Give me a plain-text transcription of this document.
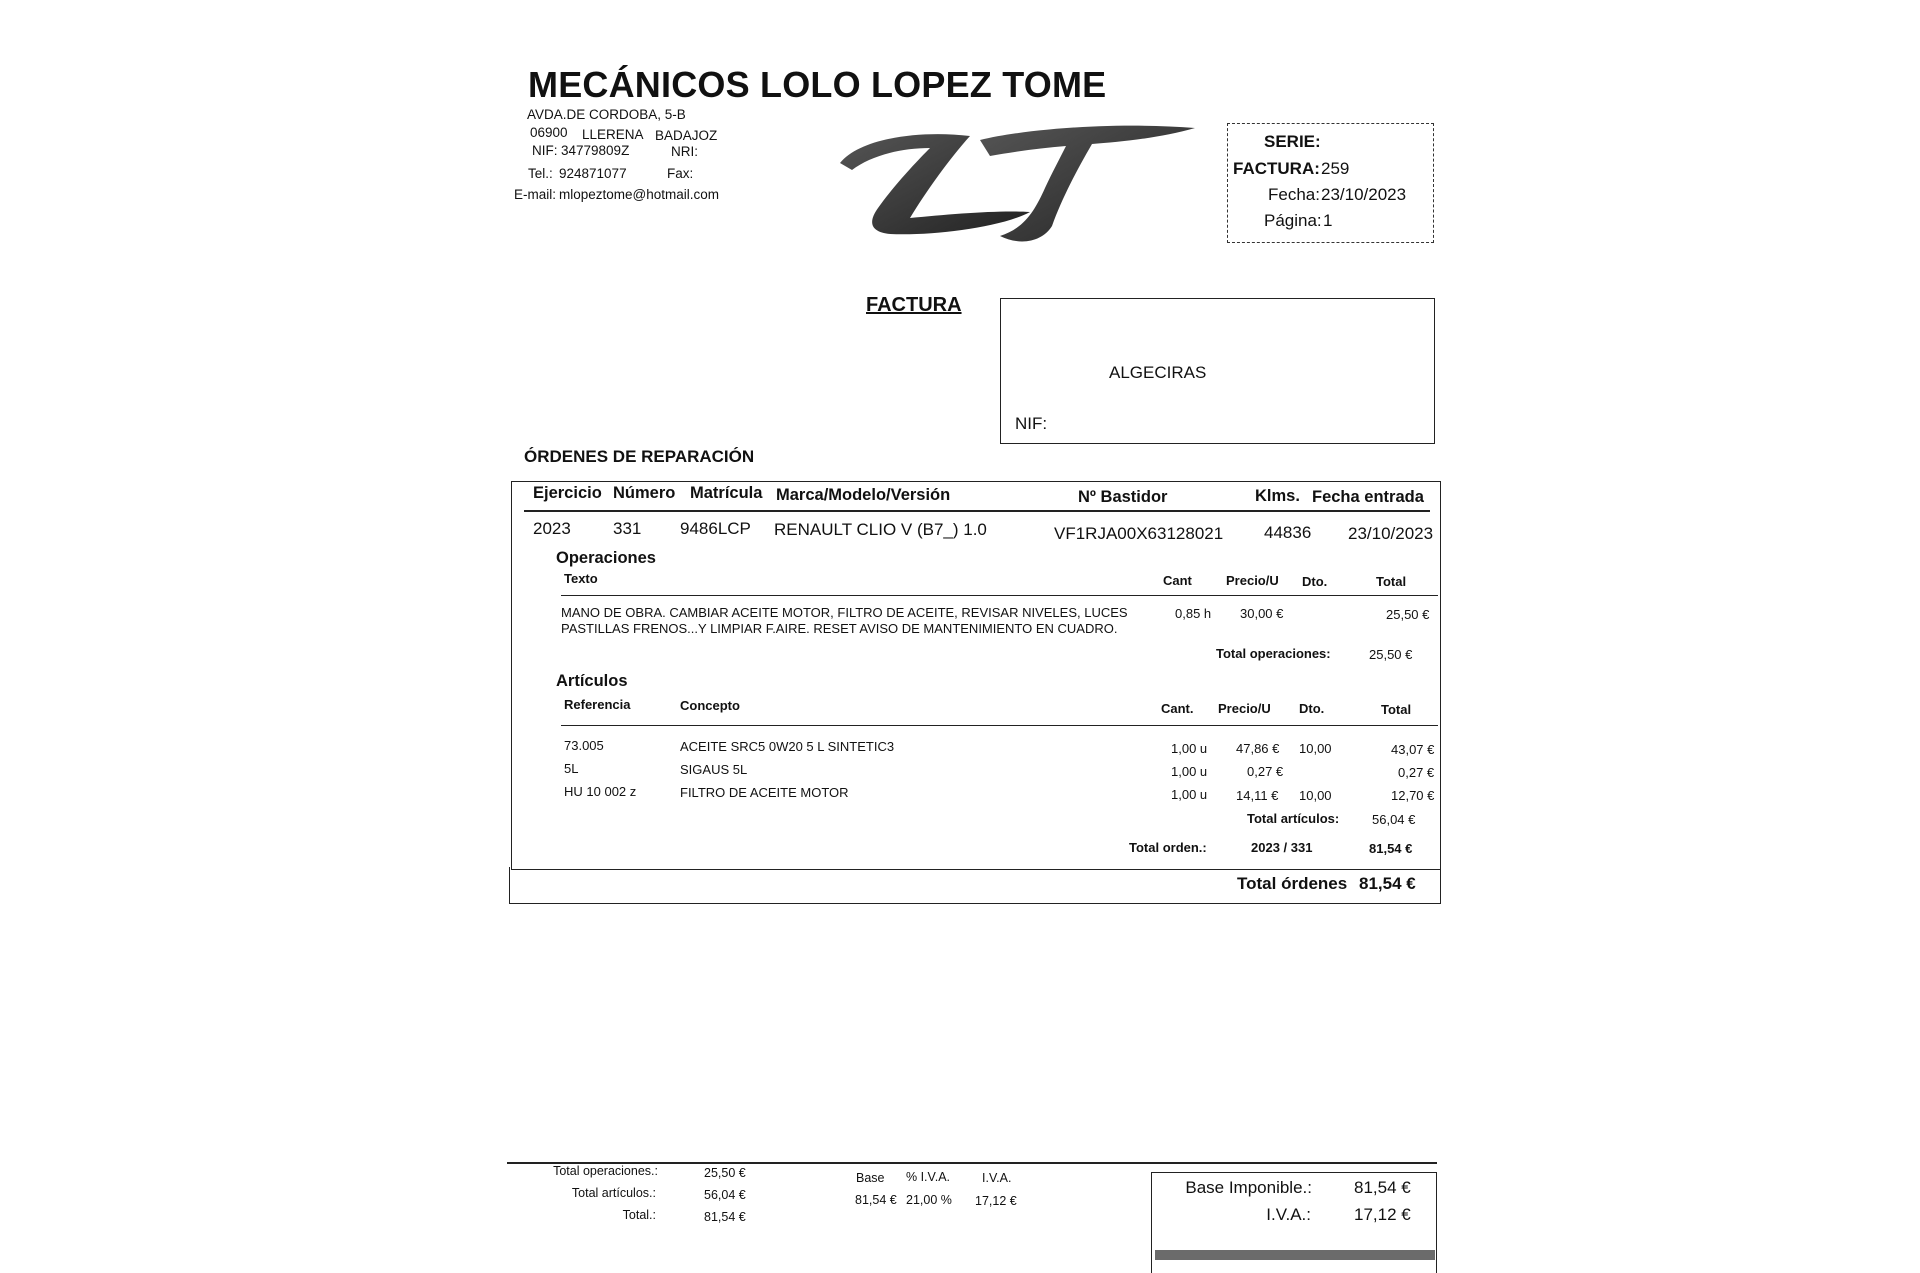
MECÁNICOS LOLO LOPEZ TOME
AVDA.DE CORDOBA, 5-B
06900 LLERENA BADAJOZ
NIF: 34779809Z	NRI:
Tel.: 924871077	Fax:
E-mail: mlopeztome@hotmail.com
SERIE:
FACTURA: 259
Fecha: 23/10/2023
Página: 1
FACTURA
ALGECIRAS
NIF:
ÓRDENES DE REPARACIÓN
Ejercicio Número Matrícula Marca/Modelo/Versión	Nº Bastidor	Klms. Fecha entrada
2023 331 9486LCP RENAULT CLIO V (B7_) 1.0	VF1RJA00X63128021 44836 23/10/2023
Operaciones
Texto	Cant	Precio/U Dto.	Total
MANO DE OBRA. CAMBIAR ACEITE MOTOR, FILTRO DE ACEITE, REVISAR NIVELES, LUCES
PASTILLAS FRENOS...Y LIMPIAR F.AIRE. RESET AVISO DE MANTENIMIENTO EN CUADRO.
0,85 h 30,00 €	25,50 €
Total operaciones:	25,50 €
Artículos
Referencia	Concepto	Cant. Precio/U Dto.	Total
73.005	ACEITE SRC5 0W20 5 L SINTETIC3	1,00 u 47,86 € 10,00	43,07 €
5L	SIGAUS 5L	1,00 u	0,27 €	0,27 €
HU 10 002 z	FILTRO DE ACEITE MOTOR	1,00 u 14,11 € 10,00	12,70 €
Total artículos:	56,04 €
Total orden.:	2023 / 331	81,54 €
Total órdenes 81,54 €
Total operaciones.:	25,50 €
Total artículos.:	56,04 €
Total.:	81,54 €
Base % I.V.A.	I.V.A.
81,54 € 21,00 % 17,12 €
Base Imponible.: 81,54 €
I.V.A.:	17,12 €
